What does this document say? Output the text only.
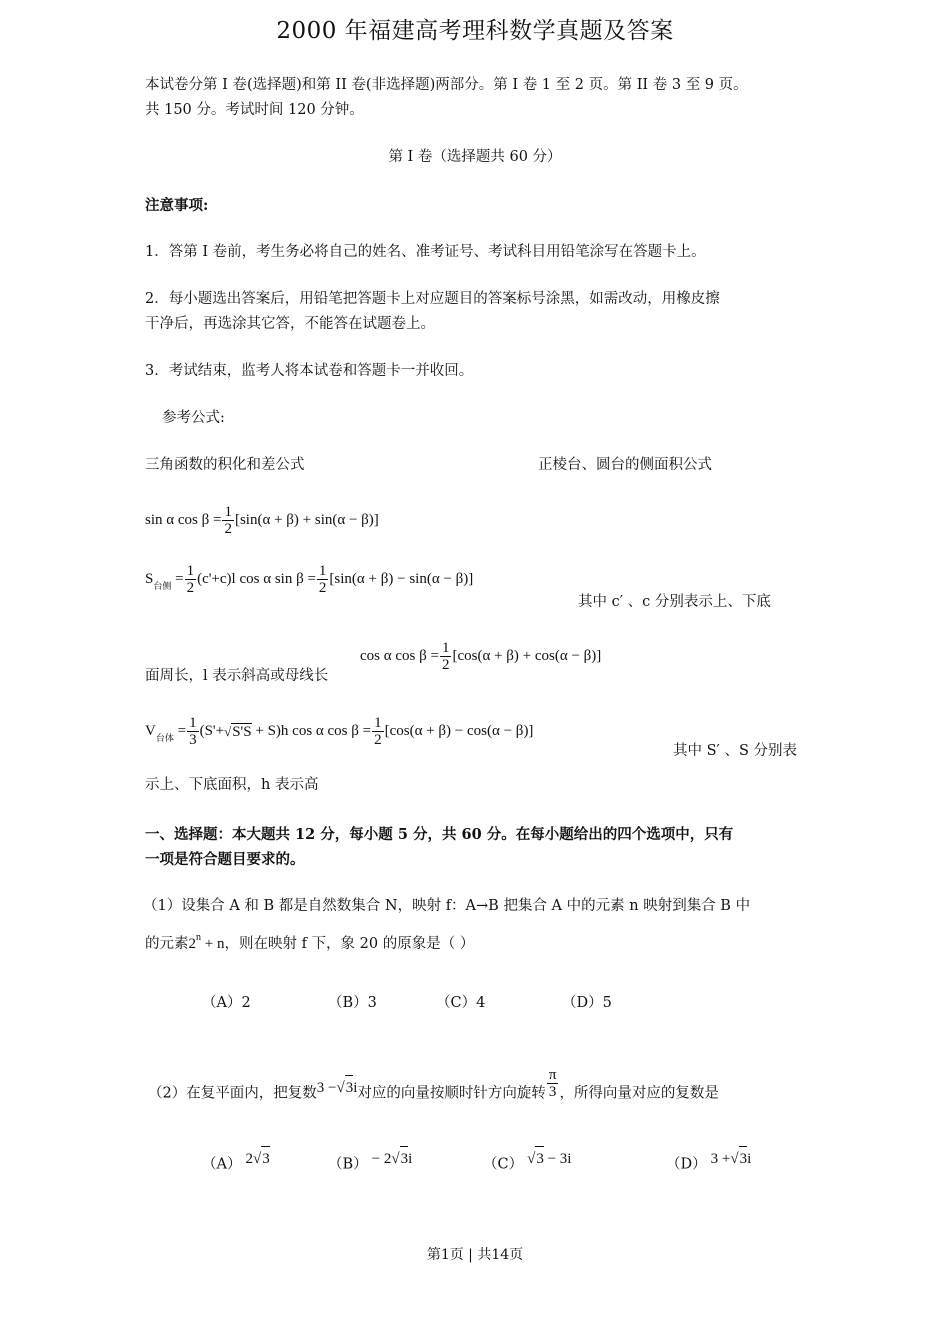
2000 年福建高考理科数学真题及答案
本试卷分第 I 卷(选择题)和第 II 卷(非选择题)两部分。第 I 卷 1 至 2 页。第 II 卷 3 至 9 页。
共 150 分。考试时间 120 分钟。
第 I 卷（选择题共 60 分）
注意事项:
1．答第 I 卷前，考生务必将自己的姓名、准考证号、考试科目用铅笔涂写在答题卡上。
2．每小题选出答案后，用铅笔把答题卡上对应题目的答案标号涂黑，如需改动，用橡皮擦
干净后，再选涂其它答，不能答在试题卷上。
3．考试结束，监考人将本试卷和答题卡一并收回。
参考公式:
三角函数的积化和差公式	正棱台、圆台的侧面积公式
sin α $\cos \beta = \frac{1}{2} [\sin(\alpha + \beta) + \sin(\alpha - \beta)]$
S 台侧 = $\frac{1}{2} (c'+c)l$ cos α $\sin \beta = \frac{1}{2} [\sin(\alpha + \beta) - \sin(\alpha - \beta)]$
其中 c′ 、c 分别表示上、下底
面周长，l 表示斜高或母线长
cos α $\cos \beta = \frac{1}{2} [\cos(\alpha + \beta) + \cos(\alpha - \beta)]$
V 台体 = $\frac{1}{3} (S'+$ √ S'S + S)h cos α $\cos \beta = \frac{1}{2} [\cos(\alpha + \beta) - \cos(\alpha - \beta)]$
其中 S′ 、S 分别表
示上、下底面积，h 表示高
一、选择题：本大题共 12 分，每小题 5 分，共 60 分。在每小题给出的四个选项中，只有
一项是符合题目要求的。
（1）设集合 A 和 B 都是自然数集合 N，映射 f：A→B 把集合 A 中的元素 n 映射到集合 B 中
的元素2 n + n，则在映射 f 下，象 20 的原象是（ ）
（A）2	（B）3	（C）4	（D）5
（2）在复平面内，把复数3 − √ 3 i对应的向量按顺时针方向旋转 $\frac{\pi}{3}$ ，所得向量对应的复数是
（A） 2 √ 3	（B） − 2 √ 3 i	（C） √ 3 − 3i	（D） 3 + √ 3 i
第1页 | 共14页
